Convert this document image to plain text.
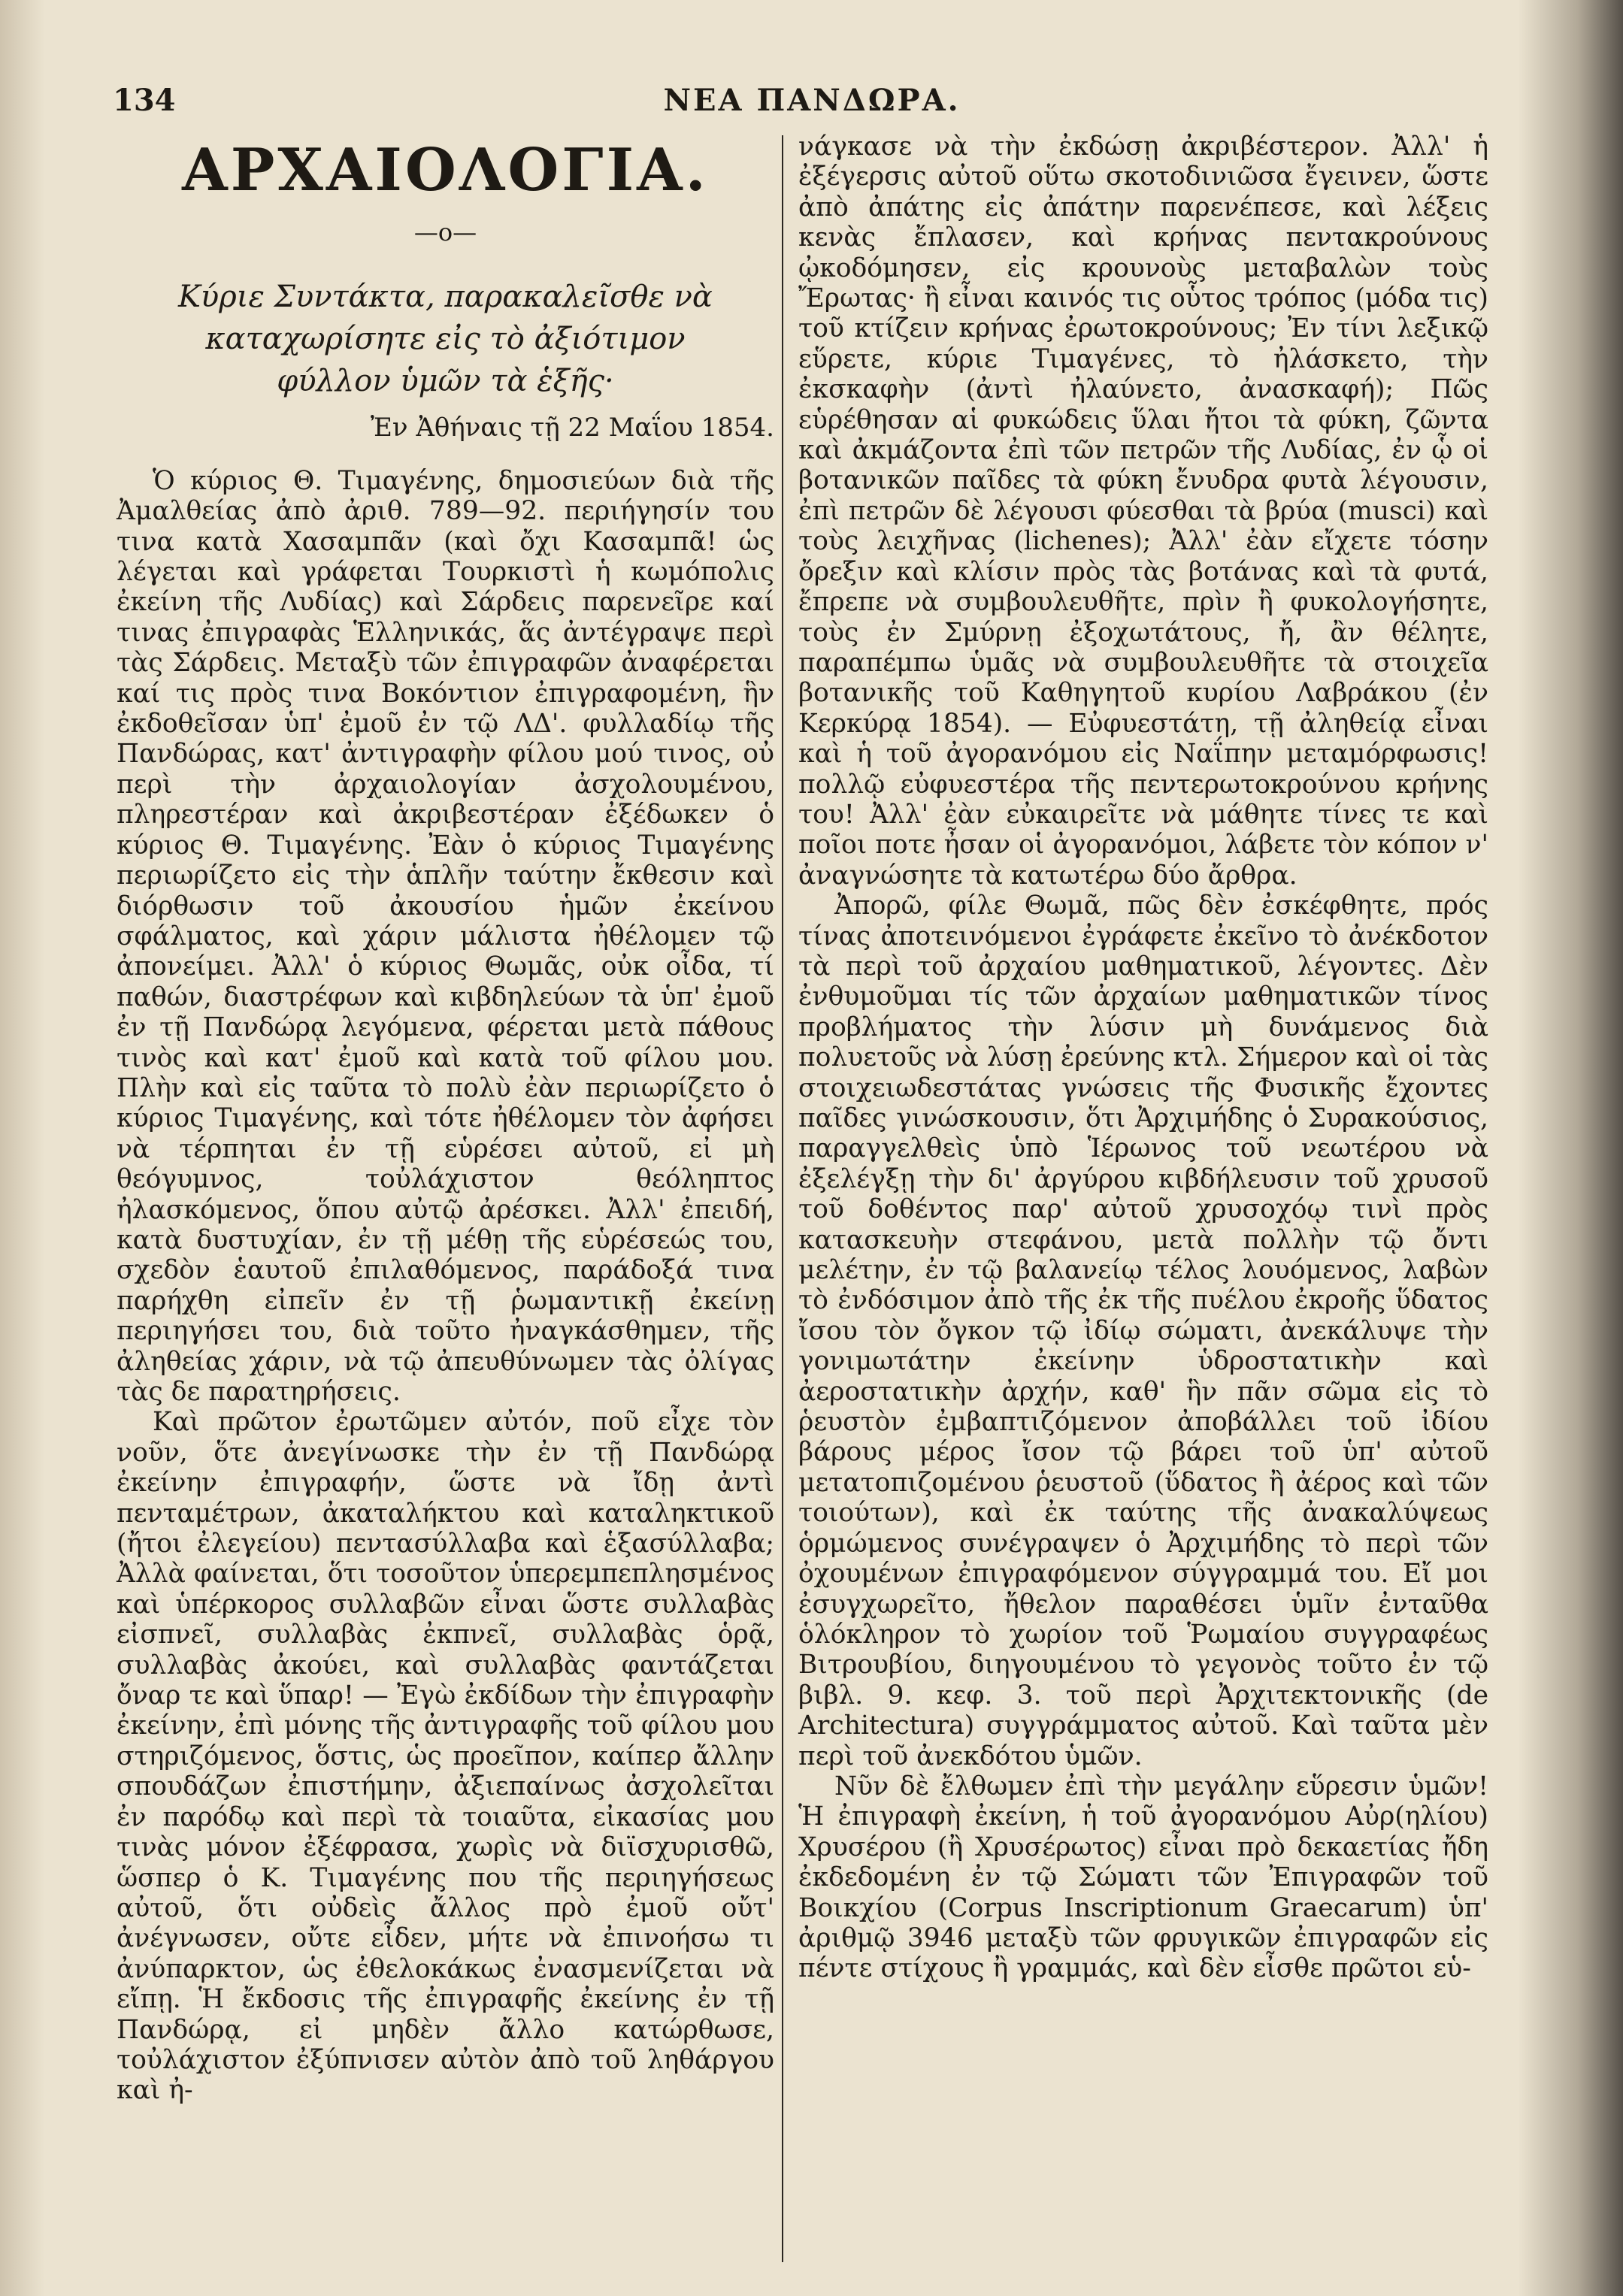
134	ΝΕΑ ΠΑΝΔΩΡΑ.
ΑΡΧΑΙΟΛΟΓΙΑ.
—ο—
Κύριε Συντάκτα, παρακαλεῖσθε νὰ καταχωρίσητε εἰς τὸ ἀξιότιμον φύλλον ὑμῶν τὰ ἑξῆς·
Ἐν Ἀθήναις τῇ 22 Μαΐου 1854.

Ὁ κύριος Θ. Τιμαγένης, δημοσιεύων διὰ τῆς Ἀμαλθείας ἀπὸ ἀριθ. 789—92. περιήγησίν του τινα κατὰ Χασαμπᾶν (καὶ ὄχι Κασαμπᾶ! ὡς λέγεται καὶ γράφεται Τουρκιστὶ ἡ κωμόπολις ἐκείνη τῆς Λυδίας) καὶ Σάρδεις παρενεῖρε καί τινας ἐπιγραφὰς Ἑλληνικάς, ἅς ἀντέγραψε περὶ τὰς Σάρδεις. Μεταξὺ τῶν ἐπιγραφῶν ἀναφέρεται καί τις πρὸς τινα Βοκόντιον ἐπιγραφομένη, ἣν ἐκδοθεῖσαν ὑπ' ἐμοῦ ἐν τῷ ΛΔ'. φυλλαδίῳ τῆς Πανδώρας, κατ' ἀντιγραφὴν φίλου μού τινος, οὐ περὶ τὴν ἀρχαιολογίαν ἀσχολουμένου, πληρεστέραν καὶ ἀκριβεστέραν ἐξέδωκεν ὁ κύριος Θ. Τιμαγένης. Ἐὰν ὁ κύριος Τιμαγένης περιωρίζετο εἰς τὴν ἁπλῆν ταύτην ἔκθεσιν καὶ διόρθωσιν τοῦ ἀκουσίου ἡμῶν ἐκείνου σφάλματος, καὶ χάριν μάλιστα ἠθέλομεν τῷ ἀπονείμει. Ἀλλ' ὁ κύριος Θωμᾶς, οὐκ οἶδα, τί παθών, διαστρέφων καὶ κιβδηλεύων τὰ ὑπ' ἐμοῦ ἐν τῇ Πανδώρᾳ λεγόμενα, φέρεται μετὰ πάθους τινὸς καὶ κατ' ἐμοῦ καὶ κατὰ τοῦ φίλου μου. Πλὴν καὶ εἰς ταῦτα τὸ πολὺ ἐὰν περιωρίζετο ὁ κύριος Τιμαγένης, καὶ τότε ἠθέλομεν τὸν ἀφήσει νὰ τέρπηται ἐν τῇ εὑρέσει αὐτοῦ, εἰ μὴ θεόγυμνος, τοὐλάχιστον θεόληπτος ἠλασκόμενος, ὅπου αὐτῷ ἀρέσκει. Ἀλλ' ἐπειδή, κατὰ δυστυχίαν, ἐν τῇ μέθῃ τῆς εὑρέσεώς του, σχεδὸν ἑαυτοῦ ἐπιλαθόμενος, παράδοξά τινα παρήχθη εἰπεῖν ἐν τῇ ῥωμαντικῇ ἐκείνῃ περιηγήσει του, διὰ τοῦτο ἠναγκάσθημεν, τῆς ἀληθείας χάριν, νὰ τῷ ἀπευθύνωμεν τὰς ὀλίγας τὰς δε παρατηρήσεις.

Καὶ πρῶτον ἐρωτῶμεν αὐτόν, ποῦ εἶχε τὸν νοῦν, ὅτε ἀνεγίνωσκε τὴν ἐν τῇ Πανδώρᾳ ἐκείνην ἐπιγραφήν, ὥστε νὰ ἴδῃ ἀντὶ πενταμέτρων, ἀκαταλήκτου καὶ καταληκτικοῦ (ἤτοι ἐλεγείου) πεντασύλλαβα καὶ ἑξασύλλαβα; Ἀλλὰ φαίνεται, ὅτι τοσοῦτον ὑπερεμπεπλησμένος καὶ ὑπέρκορος συλλαβῶν εἶναι ὥστε συλλαβὰς εἰσπνεῖ, συλλαβὰς ἐκπνεῖ, συλλαβὰς ὁρᾷ, συλλαβὰς ἀκούει, καὶ συλλαβὰς φαντάζεται ὄναρ τε καὶ ὕπαρ! — Ἐγὼ ἐκδίδων τὴν ἐπιγραφὴν ἐκείνην, ἐπὶ μόνης τῆς ἀντιγραφῆς τοῦ φίλου μου στηριζόμενος, ὅστις, ὡς προεῖπον, καίπερ ἄλλην σπουδάζων ἐπιστήμην, ἀξιεπαίνως ἀσχολεῖται ἐν παρόδῳ καὶ περὶ τὰ τοιαῦτα, εἰκασίας μου τινὰς μόνον ἐξέφρασα, χωρὶς νὰ διϊσχυρισθῶ, ὥσπερ ὁ Κ. Τιμαγένης που τῆς περιηγήσεως αὐτοῦ, ὅτι οὐδεὶς ἄλλος πρὸ ἐμοῦ οὔτ' ἀνέγνωσεν, οὔτε εἶδεν, μήτε νὰ ἐπινοήσω τι ἀνύπαρκτον, ὡς ἐθελοκάκως ἐνασμενίζεται νὰ εἴπῃ. Ἡ ἔκδοσις τῆς ἐπιγραφῆς ἐκείνης ἐν τῇ Πανδώρᾳ, εἰ μηδὲν ἄλλο κατώρθωσε, τοὐλάχιστον ἐξύπνισεν αὐτὸν ἀπὸ τοῦ ληθάργου καὶ ἠ-

νάγκασε νὰ τὴν ἐκδώσῃ ἀκριβέστερον. Ἀλλ' ἡ ἐξέγερσις αὐτοῦ οὕτω σκοτοδινιῶσα ἔγεινεν, ὥστε ἀπὸ ἀπάτης εἰς ἀπάτην παρενέπεσε, καὶ λέξεις κενὰς ἔπλασεν, καὶ κρήνας πεντακρούνους ᾠκοδόμησεν, εἰς κρουνοὺς μεταβαλὼν τοὺς Ἔρωτας· ἢ εἶναι καινός τις οὗτος τρόπος (μόδα τις) τοῦ κτίζειν κρήνας ἐρωτοκρούνους; Ἐν τίνι λεξικῷ εὕρετε, κύριε Τιμαγένες, τὸ ἠλάσκετο, τὴν ἐκσκαφὴν (ἀντὶ ἠλαύνετο, ἀνασκαφή); Πῶς εὑρέθησαν αἱ φυκώδεις ὕλαι ἤτοι τὰ φύκη, ζῶντα καὶ ἀκμάζοντα ἐπὶ τῶν πετρῶν τῆς Λυδίας, ἐν ᾧ οἱ βοτανικῶν παῖδες τὰ φύκη ἔνυδρα φυτὰ λέγουσιν, ἐπὶ πετρῶν δὲ λέγουσι φύεσθαι τὰ βρύα (musci) καὶ τοὺς λειχῆνας (lichenes); Ἀλλ' ἐὰν εἴχετε τόσην ὄρεξιν καὶ κλίσιν πρὸς τὰς βοτάνας καὶ τὰ φυτά, ἔπρεπε νὰ συμβουλευθῆτε, πρὶν ἢ φυκολογήσητε, τοὺς ἐν Σμύρνῃ ἐξοχωτάτους, ἤ, ἂν θέλητε, παραπέμπω ὑμᾶς νὰ συμβουλευθῆτε τὰ στοιχεῖα βοτανικῆς τοῦ Καθηγητοῦ κυρίου Λαβράκου (ἐν Κερκύρᾳ 1854). — Εὐφυεστάτη, τῇ ἀληθείᾳ εἶναι καὶ ἡ τοῦ ἀγορανόμου εἰς Ναΐπην μεταμόρφωσις! πολλῷ εὐφυεστέρα τῆς πεντερωτοκρούνου κρήνης του! Ἀλλ' ἐὰν εὐκαιρεῖτε νὰ μάθητε τίνες τε καὶ ποῖοι ποτε ἦσαν οἱ ἀγορανόμοι, λάβετε τὸν κόπον ν' ἀναγνώσητε τὰ κατωτέρω δύο ἄρθρα.

Ἀπορῶ, φίλε Θωμᾶ, πῶς δὲν ἐσκέφθητε, πρός τίνας ἀποτεινόμενοι ἐγράφετε ἐκεῖνο τὸ ἀνέκδοτον τὰ περὶ τοῦ ἀρχαίου μαθηματικοῦ, λέγοντες. Δὲν ἐνθυμοῦμαι τίς τῶν ἀρχαίων μαθηματικῶν τίνος προβλήματος τὴν λύσιν μὴ δυνάμενος διὰ πολυετοῦς νὰ λύσῃ ἐρεύνης κτλ. Σήμερον καὶ οἱ τὰς στοιχειωδεστάτας γνώσεις τῆς Φυσικῆς ἔχοντες παῖδες γινώσκουσιν, ὅτι Ἀρχιμήδης ὁ Συρακούσιος, παραγγελθεὶς ὑπὸ Ἱέρωνος τοῦ νεωτέρου νὰ ἐξελέγξῃ τὴν δι' ἀργύρου κιβδήλευσιν τοῦ χρυσοῦ τοῦ δοθέντος παρ' αὐτοῦ χρυσοχόῳ τινὶ πρὸς κατασκευὴν στεφάνου, μετὰ πολλὴν τῷ ὄντι μελέτην, ἐν τῷ βαλανείῳ τέλος λουόμενος, λαβὼν τὸ ἐνδόσιμον ἀπὸ τῆς ἐκ τῆς πυέλου ἐκροῆς ὕδατος ἴσου τὸν ὄγκον τῷ ἰδίῳ σώματι, ἀνεκάλυψε τὴν γονιμωτάτην ἐκείνην ὑδροστατικὴν καὶ ἀεροστατικὴν ἀρχήν, καθ' ἣν πᾶν σῶμα εἰς τὸ ῥευστὸν ἐμβαπτιζόμενον ἀποβάλλει τοῦ ἰδίου βάρους μέρος ἴσον τῷ βάρει τοῦ ὑπ' αὐτοῦ μετατοπιζομένου ῥευστοῦ (ὕδατος ἢ ἀέρος καὶ τῶν τοιούτων), καὶ ἐκ ταύτης τῆς ἀνακαλύψεως ὁρμώμενος συνέγραψεν ὁ Ἀρχιμήδης τὸ περὶ τῶν ὀχουμένων ἐπιγραφόμενον σύγγραμμά του. Εἴ μοι ἐσυγχωρεῖτο, ἤθελον παραθέσει ὑμῖν ἐνταῦθα ὁλόκληρον τὸ χωρίον τοῦ Ῥωμαίου συγγραφέως Βιτρουβίου, διηγουμένου τὸ γεγονὸς τοῦτο ἐν τῷ βιβλ. 9. κεφ. 3. τοῦ περὶ Ἀρχιτεκτονικῆς (de Architectura) συγγράμματος αὐτοῦ. Καὶ ταῦτα μὲν περὶ τοῦ ἀνεκδότου ὑμῶν.

Νῦν δὲ ἔλθωμεν ἐπὶ τὴν μεγάλην εὕρεσιν ὑμῶν! Ἡ ἐπιγραφὴ ἐκείνη, ἡ τοῦ ἀγορανόμου Αὐρ(ηλίου) Χρυσέρου (ἢ Χρυσέρωτος) εἶναι πρὸ δεκαετίας ἤδη ἐκδεδομένη ἐν τῷ Σώματι τῶν Ἐπιγραφῶν τοῦ Βοικχίου (Corpus Inscriptionum Graecarum) ὑπ' ἀριθμῷ 3946 μεταξὺ τῶν φρυγικῶν ἐπιγραφῶν εἰς πέντε στίχους ἢ γραμμάς, καὶ δὲν εἶσθε πρῶτοι εὑ-
